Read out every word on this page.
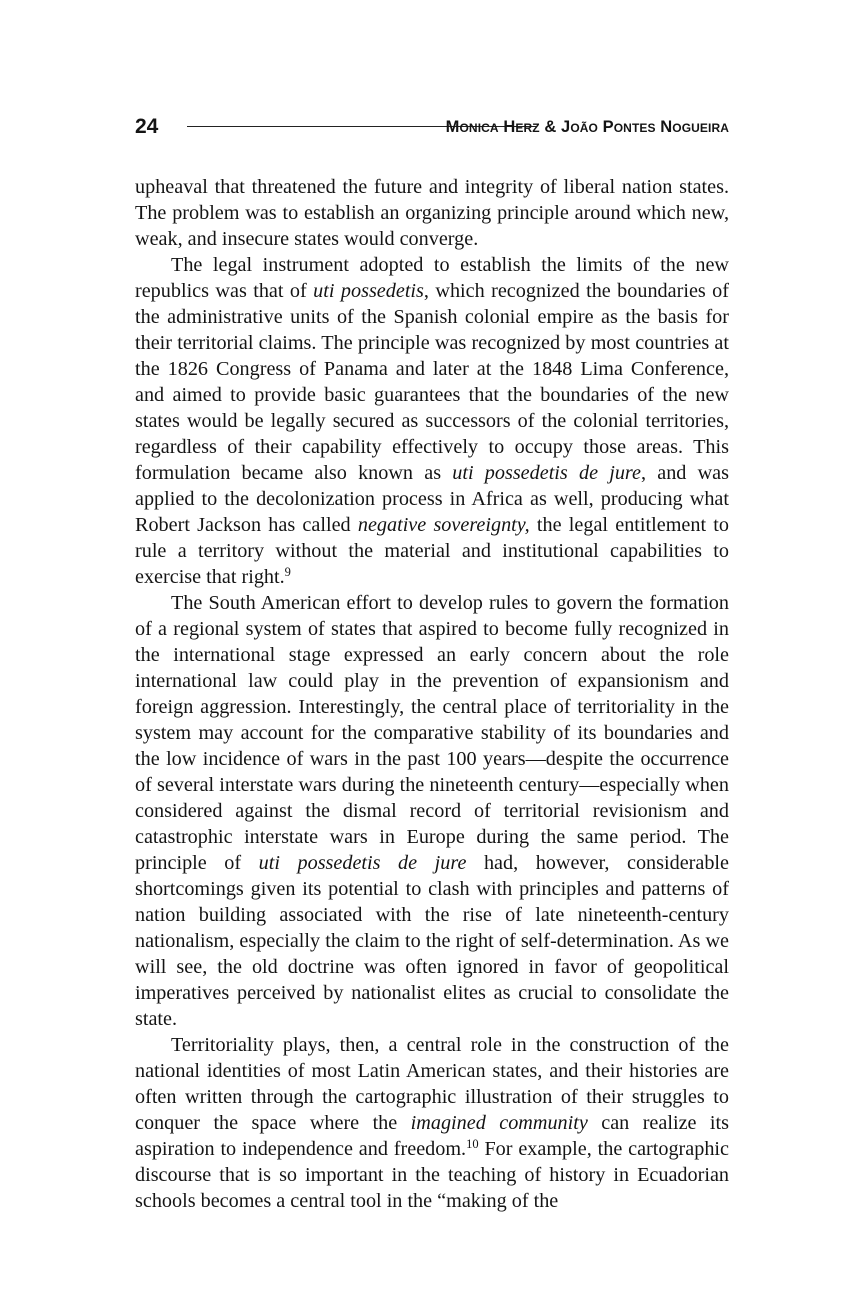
24	Monica Herz & João Pontes Nogueira

upheaval that threatened the future and integrity of liberal nation states. The problem was to establish an organizing principle around which new, weak, and insecure states would converge.

The legal instrument adopted to establish the limits of the new republics was that of uti possedetis, which recognized the boundaries of the administrative units of the Spanish colonial empire as the basis for their territorial claims. The principle was recognized by most countries at the 1826 Congress of Panama and later at the 1848 Lima Conference, and aimed to provide basic guarantees that the boundaries of the new states would be legally secured as successors of the colonial territories, regardless of their capability effectively to occupy those areas. This formulation became also known as uti possedetis de jure, and was applied to the decolonization process in Africa as well, producing what Robert Jackson has called negative sovereignty, the legal entitlement to rule a territory without the material and institutional capabilities to exercise that right.$^9$

The South American effort to develop rules to govern the formation of a regional system of states that aspired to become fully recognized in the international stage expressed an early concern about the role international law could play in the prevention of expansionism and foreign aggression. Interestingly, the central place of territoriality in the system may account for the comparative stability of its boundaries and the low incidence of wars in the past 100 years—despite the occurrence of several interstate wars during the nineteenth century—especially when considered against the dismal record of territorial revisionism and catastrophic interstate wars in Europe during the same period. The principle of uti possedetis de jure had, however, considerable shortcomings given its potential to clash with principles and patterns of nation building associated with the rise of late nineteenth-century nationalism, especially the claim to the right of self-determination. As we will see, the old doctrine was often ignored in favor of geopolitical imperatives perceived by nationalist elites as crucial to consolidate the state.

Territoriality plays, then, a central role in the construction of the national identities of most Latin American states, and their histories are often written through the cartographic illustration of their struggles to conquer the space where the imagined community can realize its aspiration to independence and freedom.$^{10}$ For example, the cartographic discourse that is so important in the teaching of history in Ecuadorian schools becomes a central tool in the “making of the
